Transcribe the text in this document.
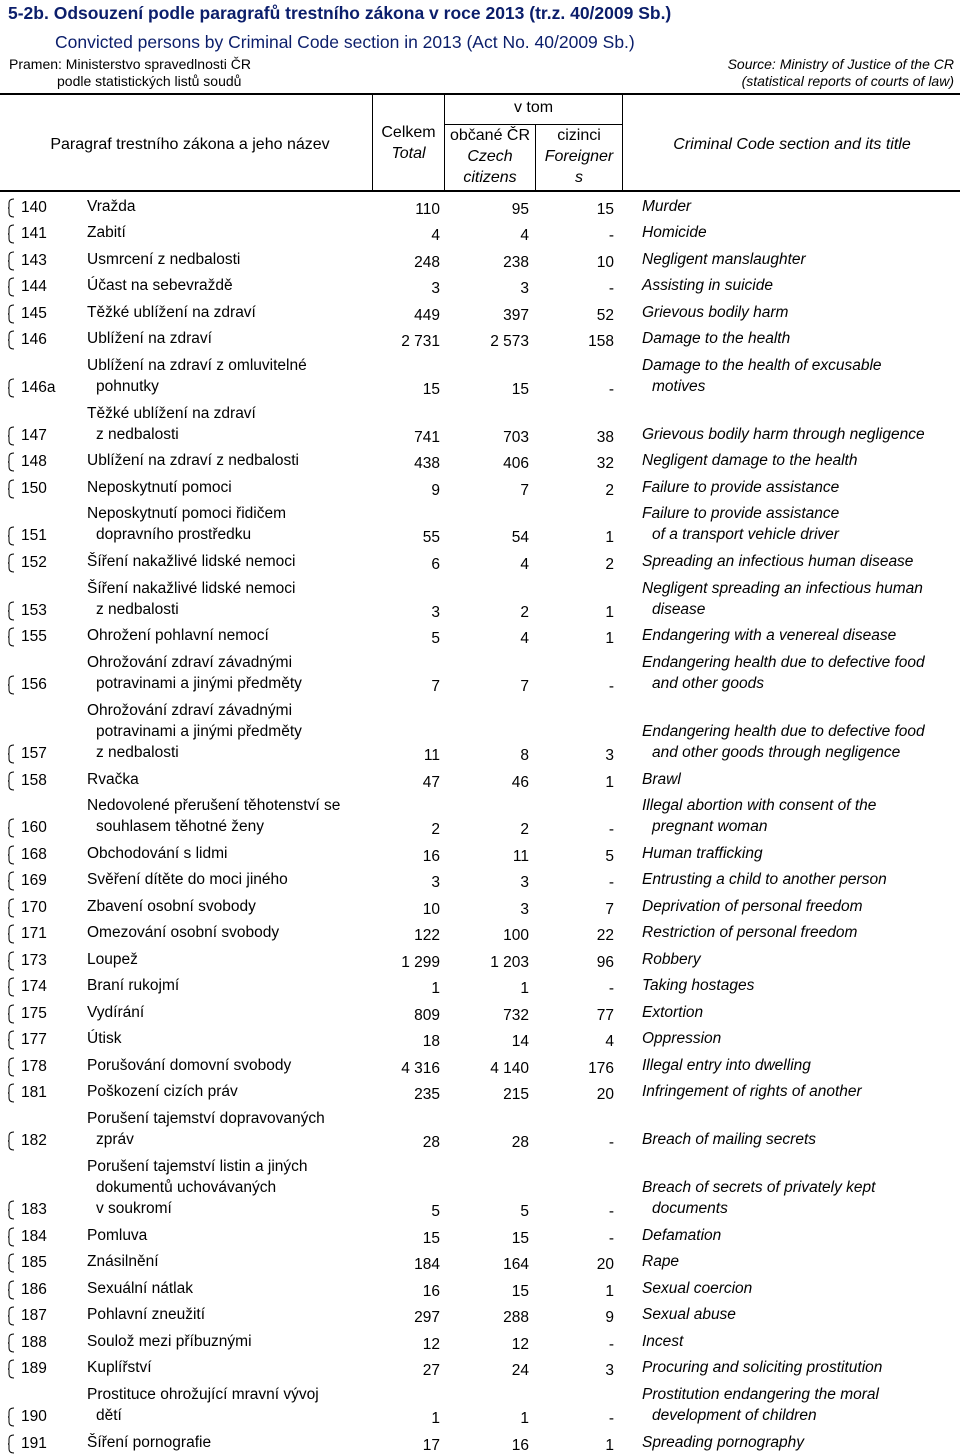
5-2b. Odsouzení podle paragrafů trestního zákona v roce 2013 (tr.z. 40/2009 Sb.)
Convicted persons by Criminal Code section in 2013 (Act No. 40/2009 Sb.)
Pramen: Ministerstvo spravedlnosti ČR
podle statistických listů soudů
Source: Ministry of Justice of the CR
(statistical reports of courts of law)
Paragraf trestního zákona a jeho název
Celkem
Total
v tom
občané ČR
Czech
citizens
cizinci
Foreigner
s
Criminal Code section and its title
140	Vražda	110	95	15 Murder
141	Zabití	4	4	- Homicide
143	Usmrcení z nedbalosti	248	238	10 Negligent manslaughter
144	Účast na sebevraždě	3	3	- Assisting in suicide
145	Těžké ublížení na zdraví	449	397	52 Grievous bodily harm
146	Ublížení na zdraví	2 731	2 573	158 Damage to the health
146a
Ublížení na zdraví z omluvitelné
pohnutky	15	15	-
Damage to the health of excusable
motives
147
Těžké ublížení na zdraví
z nedbalosti	741	703	38 Grievous bodily harm through negligence
148	Ublížení na zdraví z nedbalosti	438	406	32 Negligent damage to the health
150	Neposkytnutí pomoci	9	7	2 Failure to provide assistance
151
Neposkytnutí pomoci řidičem
dopravního prostředku	55	54	1
Failure to provide assistance
of a transport vehicle driver
152	Šíření nakažlivé lidské nemoci	6	4	2 Spreading an infectious human disease
153
Šíření nakažlivé lidské nemoci
z nedbalosti	3	2	1
Negligent spreading an infectious human
disease
155	Ohrožení pohlavní nemocí	5	4	1 Endangering with a venereal disease
156
Ohrožování zdraví závadnými
potravinami a jinými předměty	7	7	-
Endangering health due to defective food
and other goods
157
Ohrožování zdraví závadnými
potravinami a jinými předměty
z nedbalosti	11	8	3
Endangering health due to defective food
and other goods through negligence
158	Rvačka	47	46	1 Brawl
160
Nedovolené přerušení těhotenství se
souhlasem těhotné ženy	2	2	-
Illegal abortion with consent of the
pregnant woman
168	Obchodování s lidmi	16	11	5 Human trafficking
169	Svěření dítěte do moci jiného	3	3	- Entrusting a child to another person
170	Zbavení osobní svobody	10	3	7 Deprivation of personal freedom
171	Omezování osobní svobody	122	100	22 Restriction of personal freedom
173	Loupež	1 299	1 203	96 Robbery
174	Braní rukojmí	1	1	- Taking hostages
175	Vydírání	809	732	77 Extortion
177	Útisk	18	14	4 Oppression
178	Porušování domovní svobody	4 316	4 140	176 Illegal entry into dwelling
181	Poškození cizích práv	235	215	20 Infringement of rights of another
182
Porušení tajemství dopravovaných
zpráv	28	28	- Breach of mailing secrets
183
Porušení tajemství listin a jiných
dokumentů uchovávaných
v soukromí	5	5	-
Breach of secrets of privately kept
documents
184	Pomluva	15	15	- Defamation
185	Znásilnění	184	164	20 Rape
186	Sexuální nátlak	16	15	1 Sexual coercion
187	Pohlavní zneužití	297	288	9 Sexual abuse
188	Soulož mezi příbuznými	12	12	- Incest
189	Kuplířství	27	24	3 Procuring and soliciting prostitution
190
Prostituce ohrožující mravní vývoj
dětí	1	1	-
Prostitution endangering the moral
development of children
191	Šíření pornografie	17	16	1 Spreading pornography
